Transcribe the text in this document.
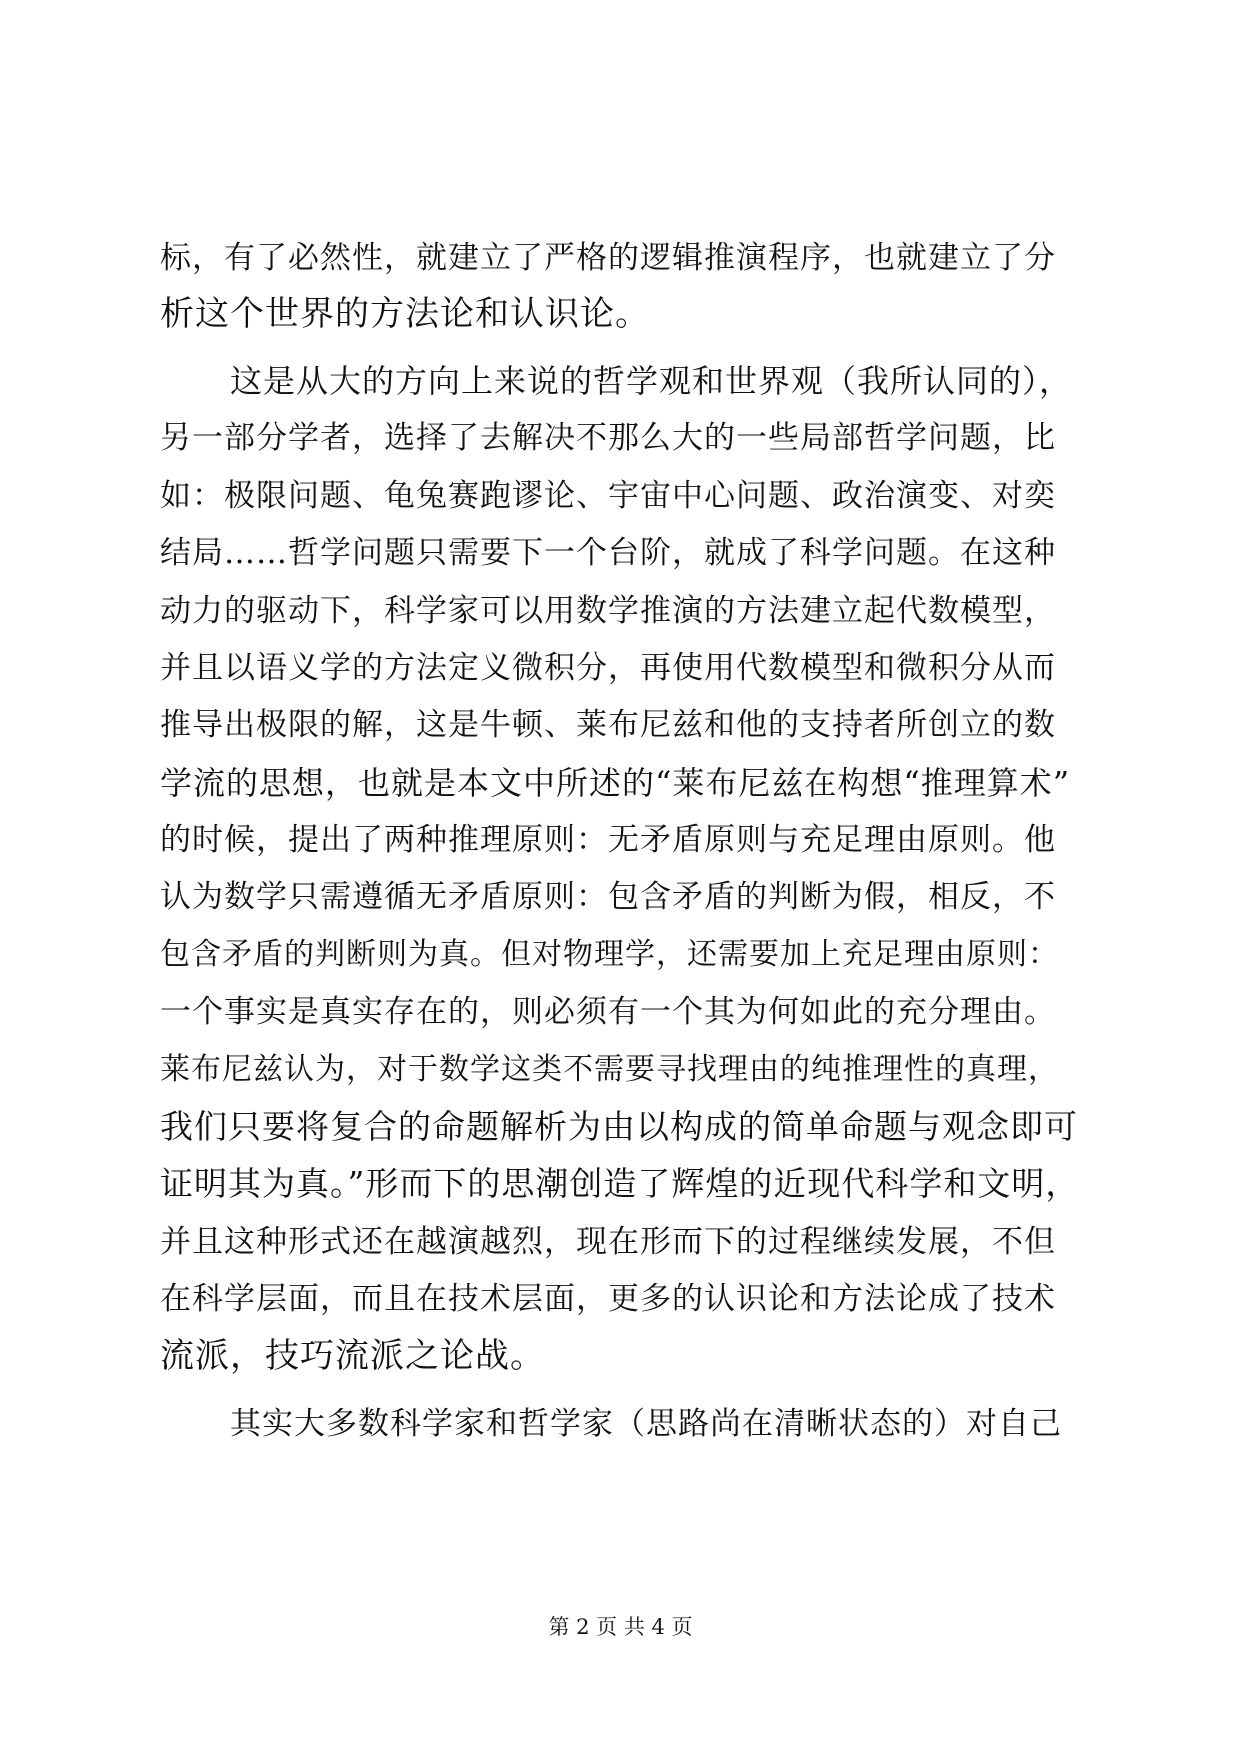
标，有了必然性，就建立了严格的逻辑推演程序，也就建立了分
析这个世界的方法论和认识论。
这是从大的方向上来说的哲学观和世界观（我所认同的），
另一部分学者，选择了去解决不那么大的一些局部哲学问题，比
如：极限问题、龟兔赛跑谬论、宇宙中心问题、政治演变、对奕
结局……哲学问题只需要下一个台阶，就成了科学问题。在这种
动力的驱动下，科学家可以用数学推演的方法建立起代数模型，
并且以语义学的方法定义微积分，再使用代数模型和微积分从而
推导出极限的解，这是牛顿、莱布尼兹和他的支持者所创立的数
学流的思想，也就是本文中所述的“莱布尼兹在构想“推理算术”
的时候，提出了两种推理原则：无矛盾原则与充足理由原则。他
认为数学只需遵循无矛盾原则：包含矛盾的判断为假，相反，不
包含矛盾的判断则为真。但对物理学，还需要加上充足理由原则：
一个事实是真实存在的，则必须有一个其为何如此的充分理由。
莱布尼兹认为，对于数学这类不需要寻找理由的纯推理性的真理，
我们只要将复合的命题解析为由以构成的简单命题与观念即可
证明其为真。”形而下的思潮创造了辉煌的近现代科学和文明，
并且这种形式还在越演越烈，现在形而下的过程继续发展，不但
在科学层面，而且在技术层面，更多的认识论和方法论成了技术
流派，技巧流派之论战。
其实大多数科学家和哲学家（思路尚在清晰状态的）对自己
第 2 页 共 4 页
